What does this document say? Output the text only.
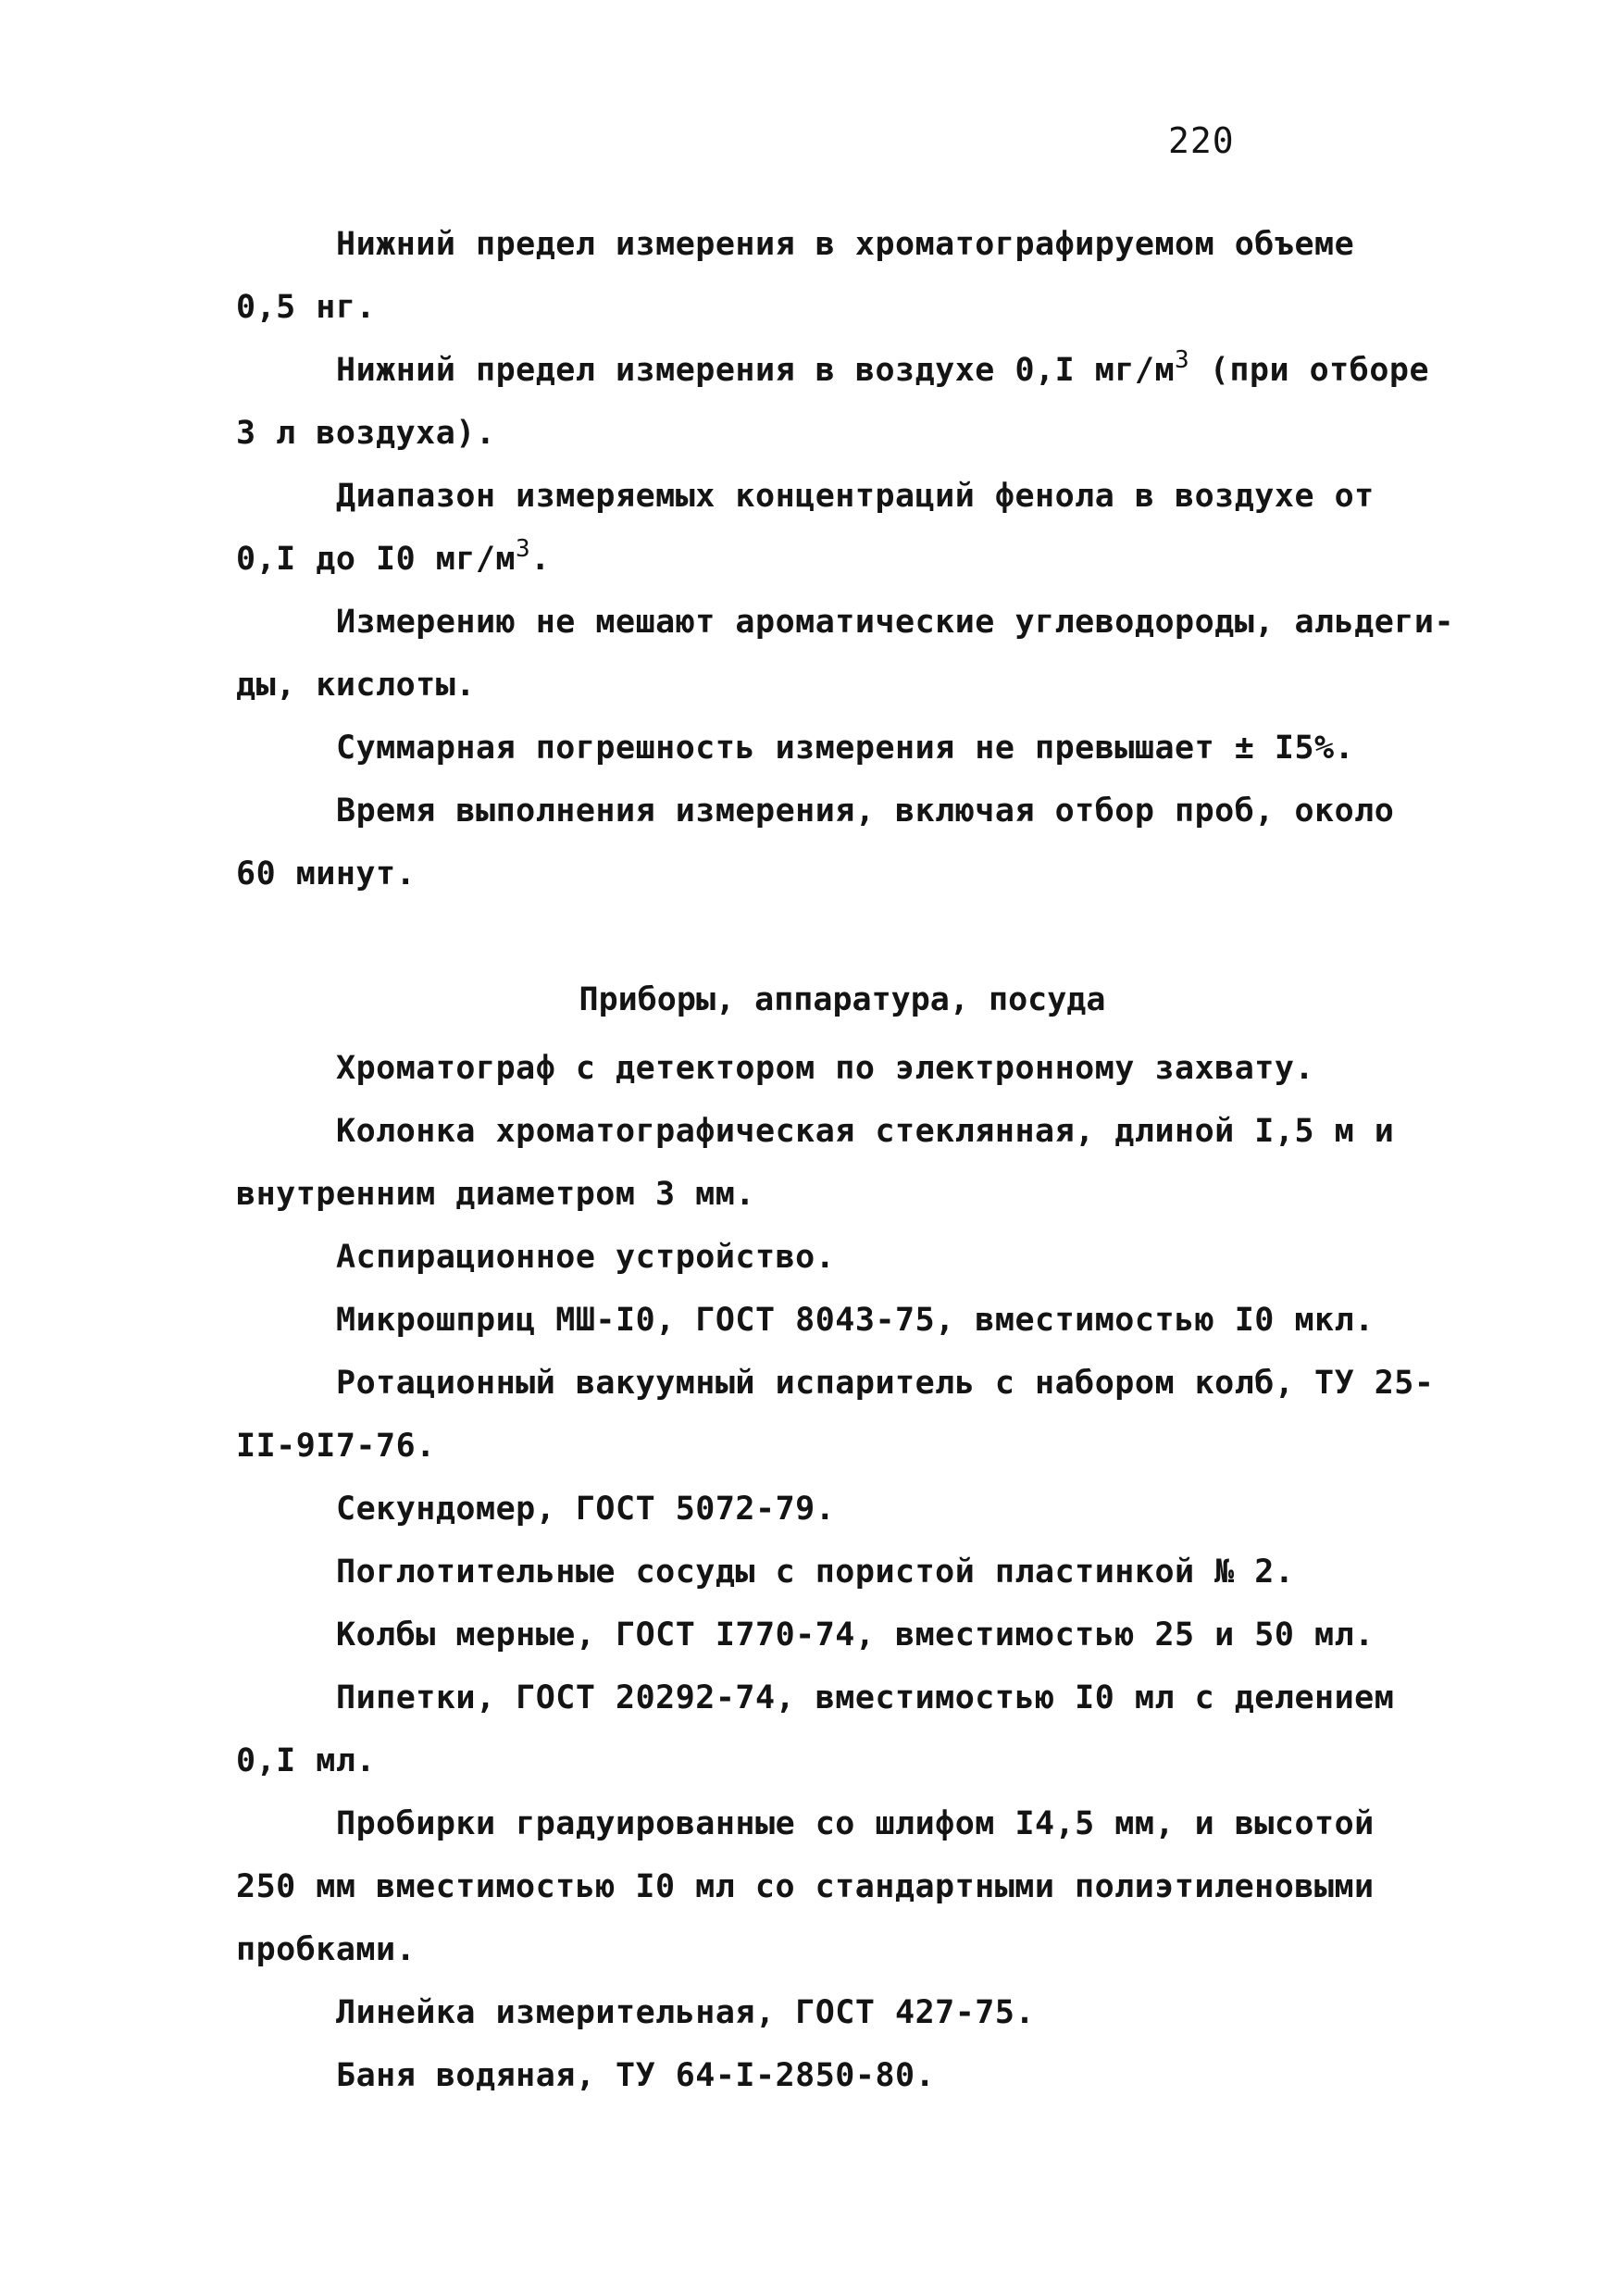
220
Нижний предел измерения в хроматографируемом объеме
0,5 нг.
Нижний предел измерения в воздухе 0,I $мг/м^3$ (при отборе
3 л воздуха).
Диапазон измеряемых концентраций фенола в воздухе от
0,I до I0 $мг/м^3$.
Измерению не мешают ароматические углеводороды, альдеги-
ды, кислоты.
Суммарная погрешность измерения не превышает ± I5%.
Время выполнения измерения, включая отбор проб, около
60 минут.
Приборы, аппаратура, посуда
Хроматограф с детектором по электронному захвату.
Колонка хроматографическая стеклянная, длиной I,5 м и
внутренним диаметром 3 мм.
Аспирационное устройство.
Микрошприц МШ-I0, ГОСТ 8043-75, вместимостью I0 мкл.
Ротационный вакуумный испаритель с набором колб, ТУ 25-
II-9I7-76.
Секундомер, ГОСТ 5072-79.
Поглотительные сосуды с пористой пластинкой № 2.
Колбы мерные, ГОСТ I770-74, вместимостью 25 и 50 мл.
Пипетки, ГОСТ 20292-74, вместимостью I0 мл с делением
0,I мл.
Пробирки градуированные со шлифом I4,5 мм, и высотой
250 мм вместимостью I0 мл со стандартными полиэтиленовыми
пробками.
Линейка измерительная, ГОСТ 427-75.
Баня водяная, ТУ 64-I-2850-80.
